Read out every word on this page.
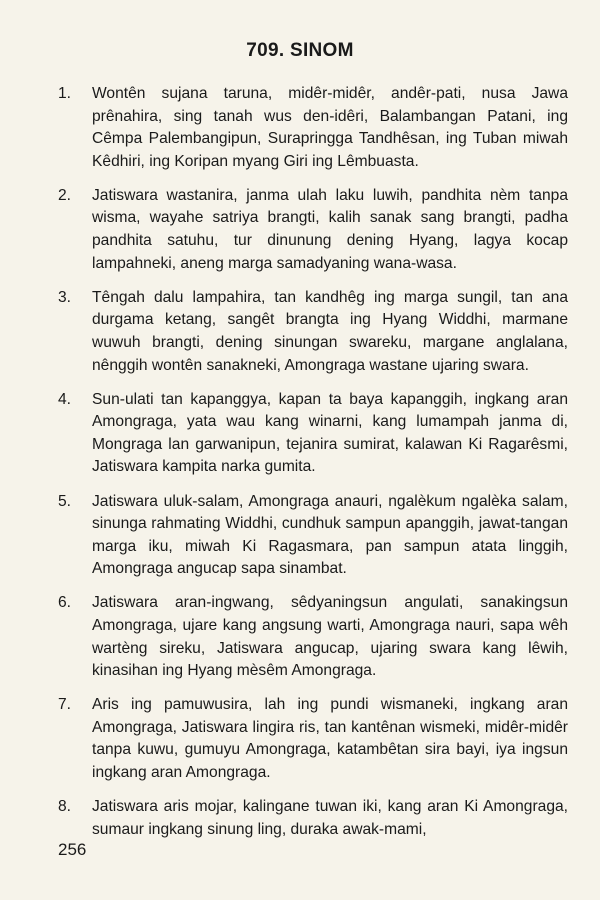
709. SINOM
1. Wontên sujana taruna, midêr-midêr, andêr-pati, nusa Jawa prênahira, sing tanah wus den-idêri, Balambangan Patani, ing Cêmpa Palembangipun, Surapringga Tandhêsan, ing Tuban miwah Kêdhiri, ing Koripan myang Giri ing Lêmbuasta.
2. Jatiswara wastanira, janma ulah laku luwih, pandhita nèm tanpa wisma, wayahe satriya brangti, kalih sanak sang brangti, padha pandhita satuhu, tur dinunung dening Hyang, lagya kocap lampahneki, aneng marga samadyaning wana-wasa.
3. Têngah dalu lampahira, tan kandhêg ing marga sungil, tan ana durgama ketang, sangêt brangta ing Hyang Widdhi, marmane wuwuh brangti, dening sinungan swareku, margane anglalana, nênggih wontên sanakneki, Amongraga wastane ujaring swara.
4. Sun-ulati tan kapanggya, kapan ta baya kapanggih, ingkang aran Amongraga, yata wau kang winarni, kang lumampah janma di, Mongraga lan garwanipun, tejanira sumirat, kalawan Ki Ragarêsmi, Jatiswara kampita narka gumita.
5. Jatiswara uluk-salam, Amongraga anauri, ngalèkum ngalèka salam, sinunga rahmating Widdhi, cundhuk sampun apanggih, jawat-tangan marga iku, miwah Ki Ragasmara, pan sampun atata linggih, Amongraga angucap sapa sinambat.
6. Jatiswara aran-ingwang, sêdyaningsun angulati, sanakingsun Amongraga, ujare kang angsung warti, Amongraga nauri, sapa wêh wartèng sireku, Jatiswara angucap, ujaring swara kang lêwih, kinasihan ing Hyang mèsêm Amongraga.
7. Aris ing pamuwusira, lah ing pundi wismaneki, ingkang aran Amongraga, Jatiswara lingira ris, tan kantênan wismeki, midêr-midêr tanpa kuwu, gumuyu Amongraga, katambêtan sira bayi, iya ingsun ingkang aran Amongraga.
8. Jatiswara aris mojar, kalingane tuwan iki, kang aran Ki Amongraga, sumaur ingkang sinung ling, duraka awak-mami,
256
